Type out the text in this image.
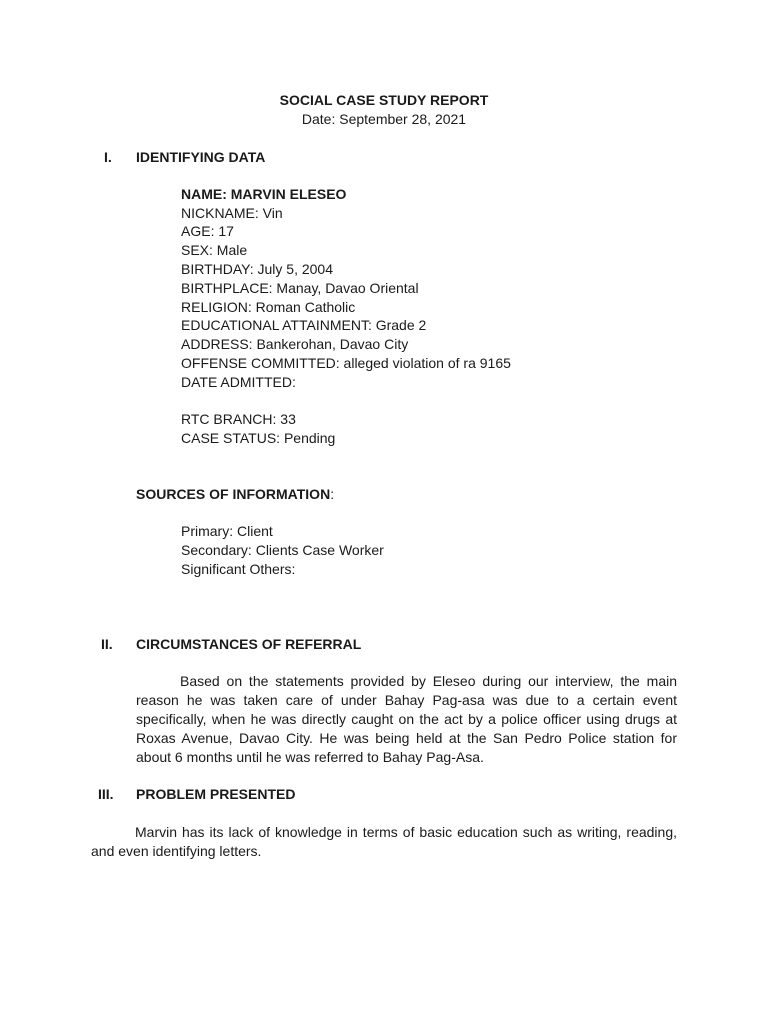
SOCIAL CASE STUDY REPORT
Date: September 28, 2021
I. IDENTIFYING DATA
NAME: MARVIN ELESEO
NICKNAME: Vin
AGE: 17
SEX: Male
BIRTHDAY: July 5, 2004
BIRTHPLACE: Manay, Davao Oriental
RELIGION: Roman Catholic
EDUCATIONAL ATTAINMENT: Grade 2
ADDRESS: Bankerohan, Davao City
OFFENSE COMMITTED: alleged violation of ra 9165
DATE ADMITTED:
RTC BRANCH: 33
CASE STATUS: Pending
SOURCES OF INFORMATION:
Primary: Client
Secondary: Clients Case Worker
Significant Others:
II. CIRCUMSTANCES OF REFERRAL
Based on the statements provided by Eleseo during our interview, the main reason he was taken care of under Bahay Pag-asa was due to a certain event specifically, when he was directly caught on the act by a police officer using drugs at Roxas Avenue, Davao City. He was being held at the San Pedro Police station for about 6 months until he was referred to Bahay Pag-Asa.
III. PROBLEM PRESENTED
Marvin has its lack of knowledge in terms of basic education such as writing, reading, and even identifying letters.
